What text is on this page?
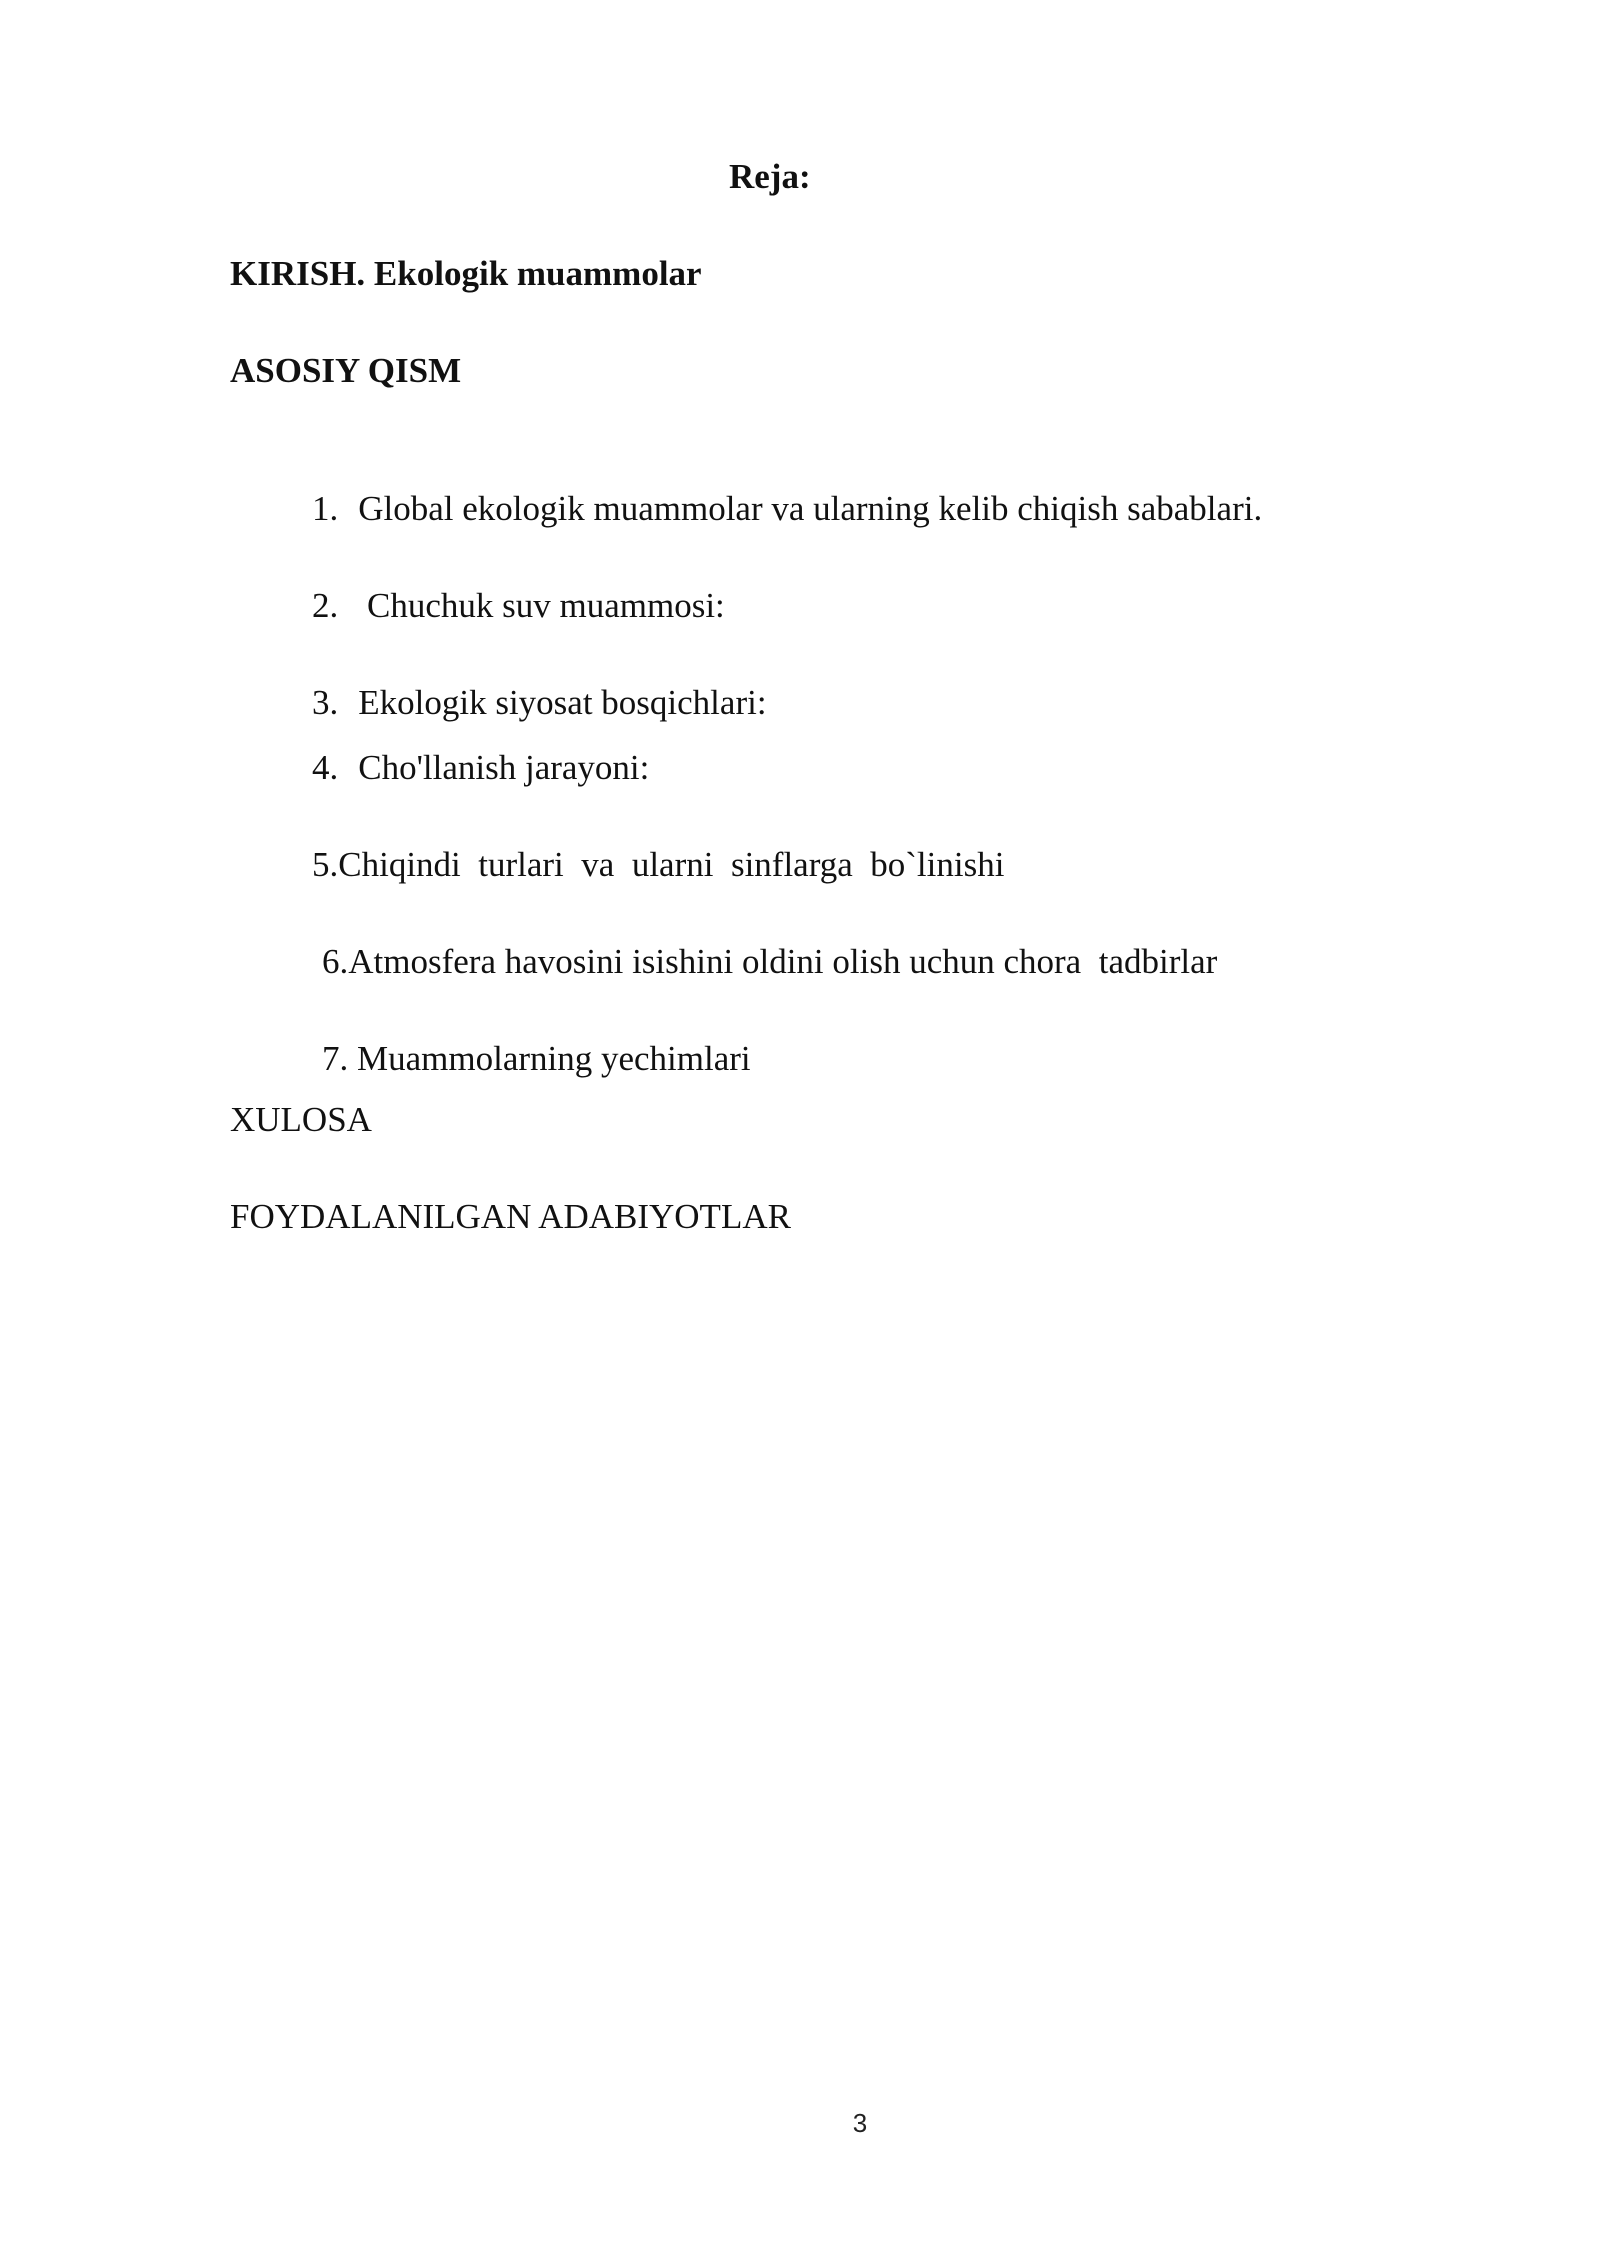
Reja:
KIRISH. Ekologik muammolar
ASOSIY QISM

1. Global ekologik muammolar va ularning kelib chiqish sabablari.

2. Chuchuk suv muammosi:

3. Ekologik siyosat bosqichlari:

4. Cho'llanish jarayoni:

5.Chiqindi  turlari  va  ularni  sinflarga  bo`linishi

6.Atmosfera havosini isishini oldini olish uchun chora  tadbirlar

7. Muammolarning yechimlari

XULOSA
FOYDALANILGAN ADABIYOTLAR
3
